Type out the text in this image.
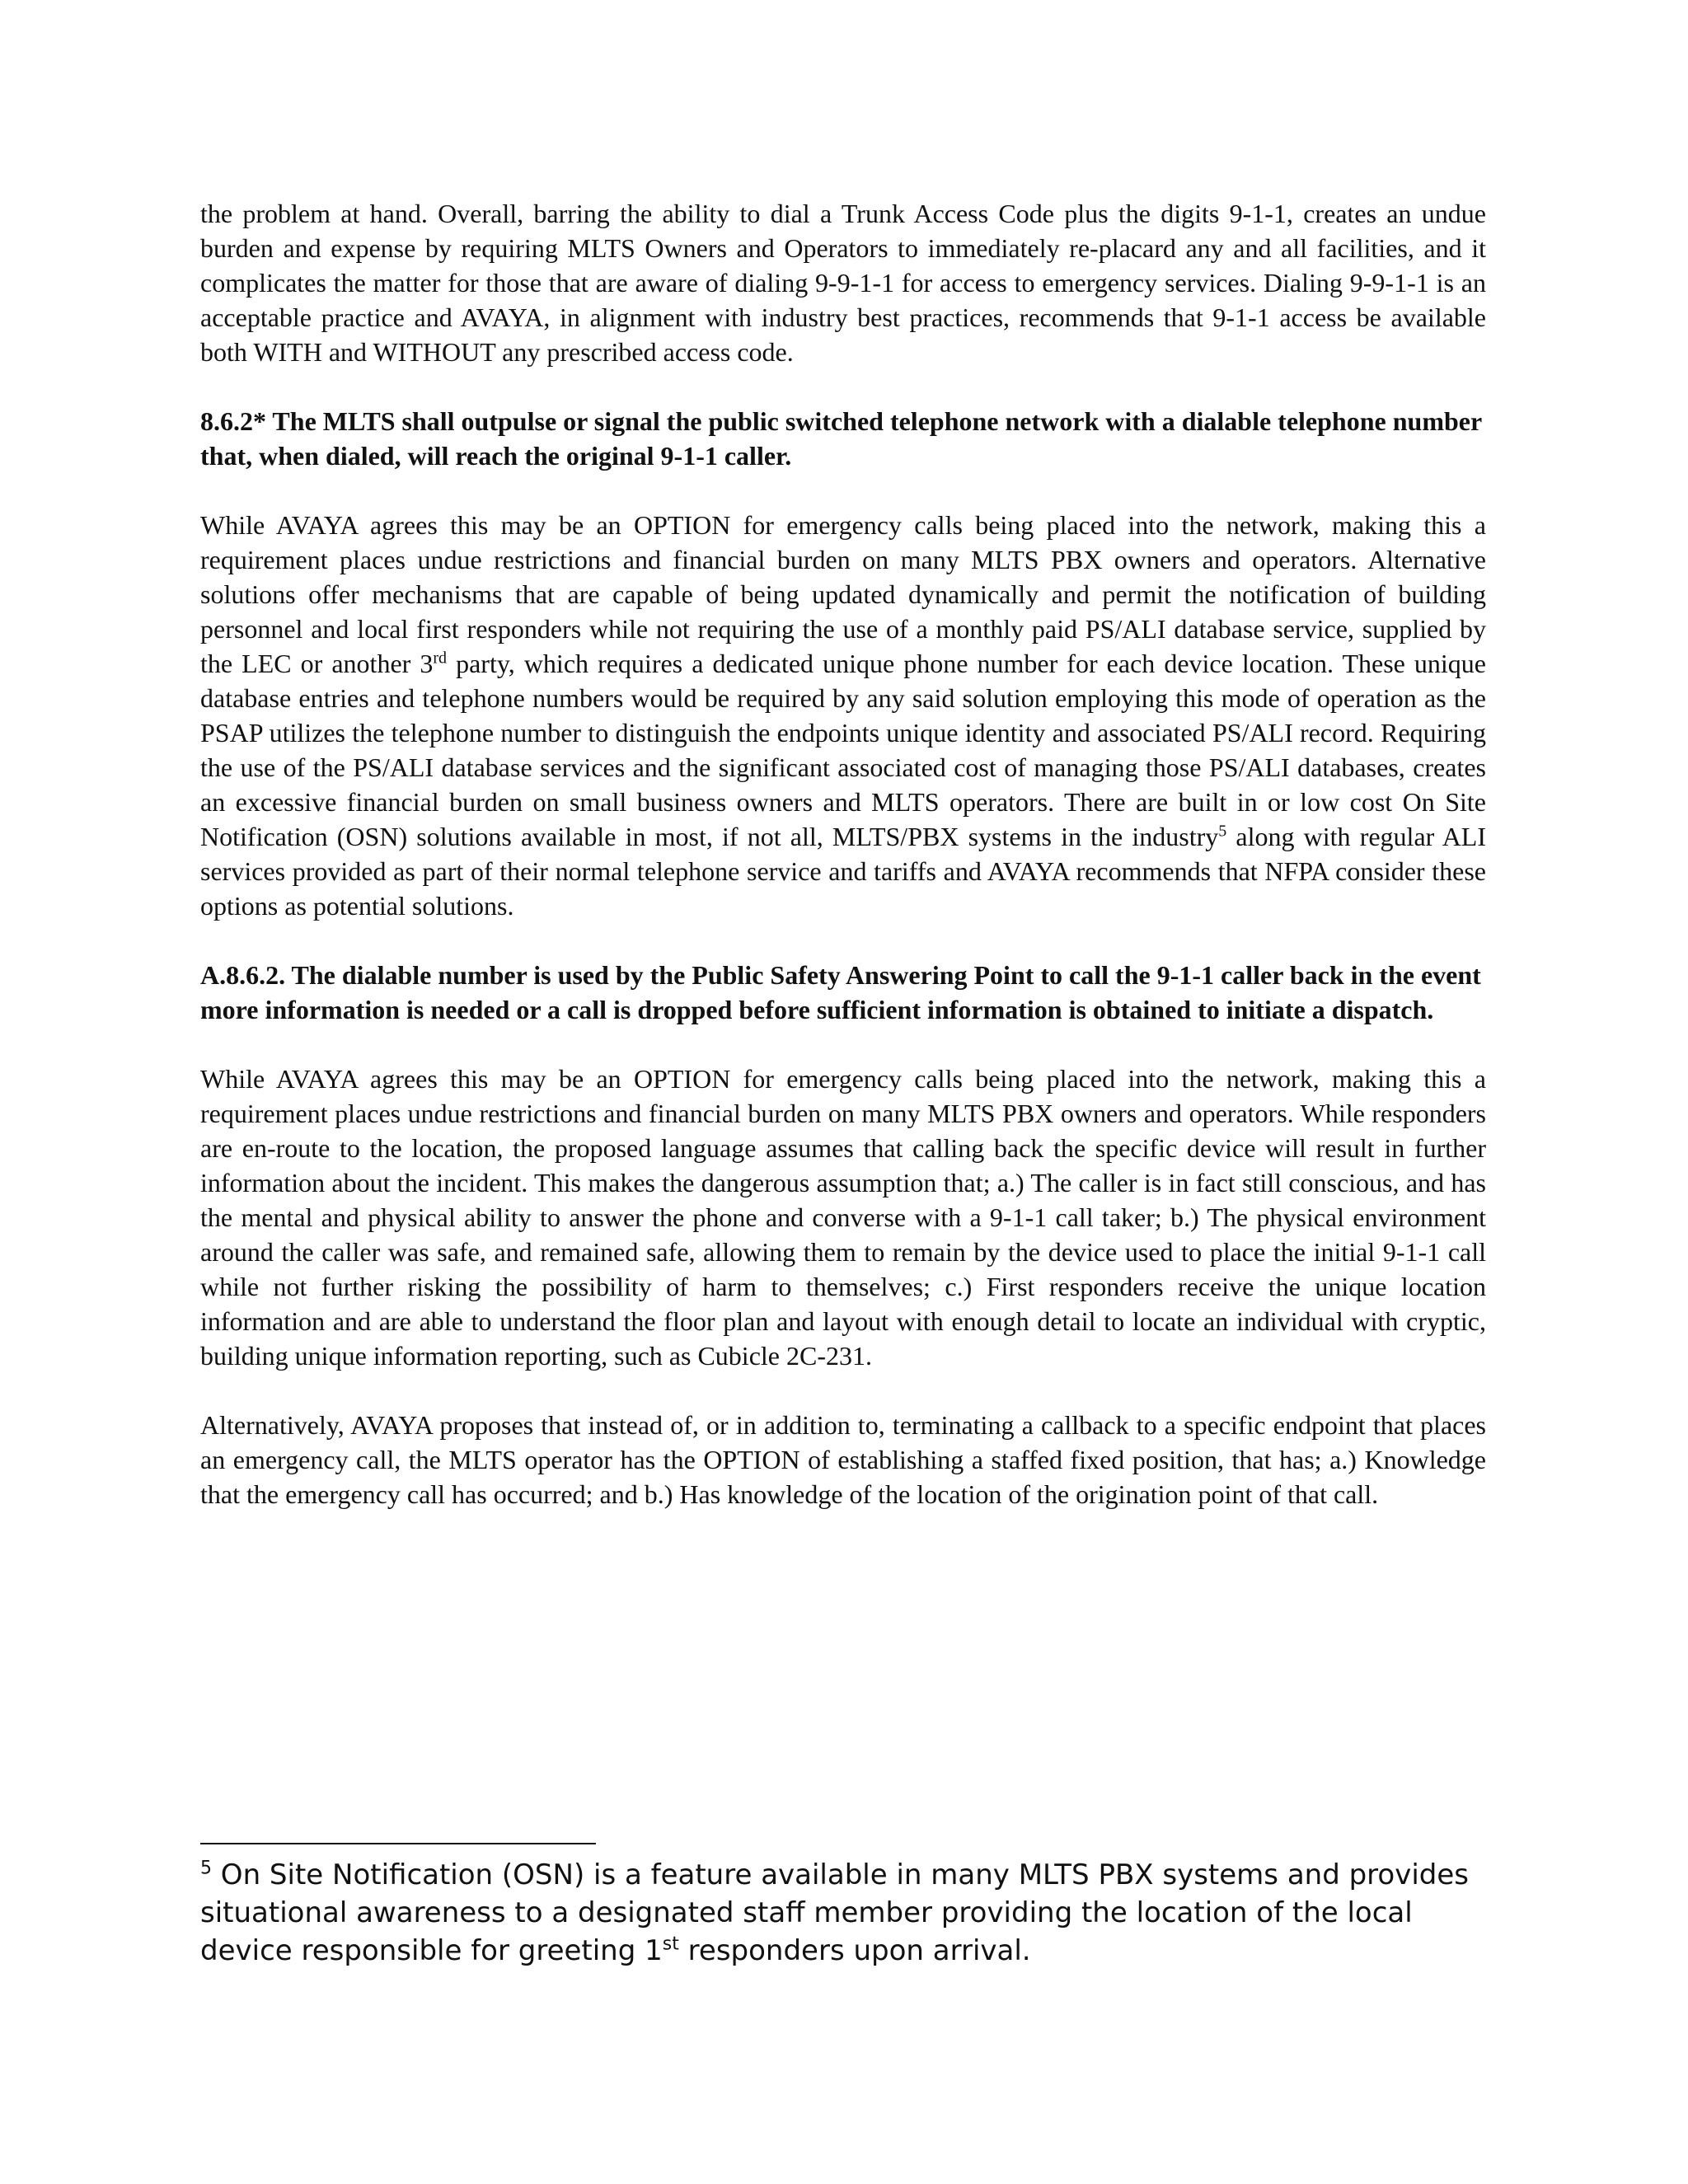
the problem at hand. Overall, barring the ability to dial a Trunk Access Code plus the digits 9-1-1, creates an undue burden and expense by requiring MLTS Owners and Operators to immediately re-placard any and all facilities, and it complicates the matter for those that are aware of dialing 9-9-1-1 for access to emergency services. Dialing 9-9-1-1 is an acceptable practice and AVAYA, in alignment with industry best practices, recommends that 9-1-1 access be available both WITH and WITHOUT any prescribed access code.

8.6.2* The MLTS shall outpulse or signal the public switched telephone network with a dialable telephone number that, when dialed, will reach the original 9-1-1 caller.

While AVAYA agrees this may be an OPTION for emergency calls being placed into the network, making this a requirement places undue restrictions and financial burden on many MLTS PBX owners and operators. Alternative solutions offer mechanisms that are capable of being updated dynamically and permit the notification of building personnel and local first responders while not requiring the use of a monthly paid PS/ALI database service, supplied by the LEC or another 3rd party, which requires a dedicated unique phone number for each device location. These unique database entries and telephone numbers would be required by any said solution employing this mode of operation as the PSAP utilizes the telephone number to distinguish the endpoints unique identity and associated PS/ALI record. Requiring the use of the PS/ALI database services and the significant associated cost of managing those PS/ALI databases, creates an excessive financial burden on small business owners and MLTS operators. There are built in or low cost On Site Notification (OSN) solutions available in most, if not all, MLTS/PBX systems in the industry$^5$ along with regular ALI services provided as part of their normal telephone service and tariffs and AVAYA recommends that NFPA consider these options as potential solutions.

A.8.6.2. The dialable number is used by the Public Safety Answering Point to call the 9-1-1 caller back in the event more information is needed or a call is dropped before sufficient information is obtained to initiate a dispatch.

While AVAYA agrees this may be an OPTION for emergency calls being placed into the network, making this a requirement places undue restrictions and financial burden on many MLTS PBX owners and operators. While responders are en-route to the location, the proposed language assumes that calling back the specific device will result in further information about the incident. This makes the dangerous assumption that; a.) The caller is in fact still conscious, and has the mental and physical ability to answer the phone and converse with a 9-1-1 call taker; b.) The physical environment around the caller was safe, and remained safe, allowing them to remain by the device used to place the initial 9-1-1 call while not further risking the possibility of harm to themselves; c.) First responders receive the unique location information and are able to understand the floor plan and layout with enough detail to locate an individual with cryptic, building unique information reporting, such as Cubicle 2C-231.

Alternatively, AVAYA proposes that instead of, or in addition to, terminating a callback to a specific endpoint that places an emergency call, the MLTS operator has the OPTION of establishing a staffed fixed position, that has; a.) Knowledge that the emergency call has occurred; and b.) Has knowledge of the location of the origination point of that call.

$^5$ On Site Notification (OSN) is a feature available in many MLTS PBX systems and provides situational awareness to a designated staff member providing the location of the local device responsible for greeting 1st responders upon arrival.
